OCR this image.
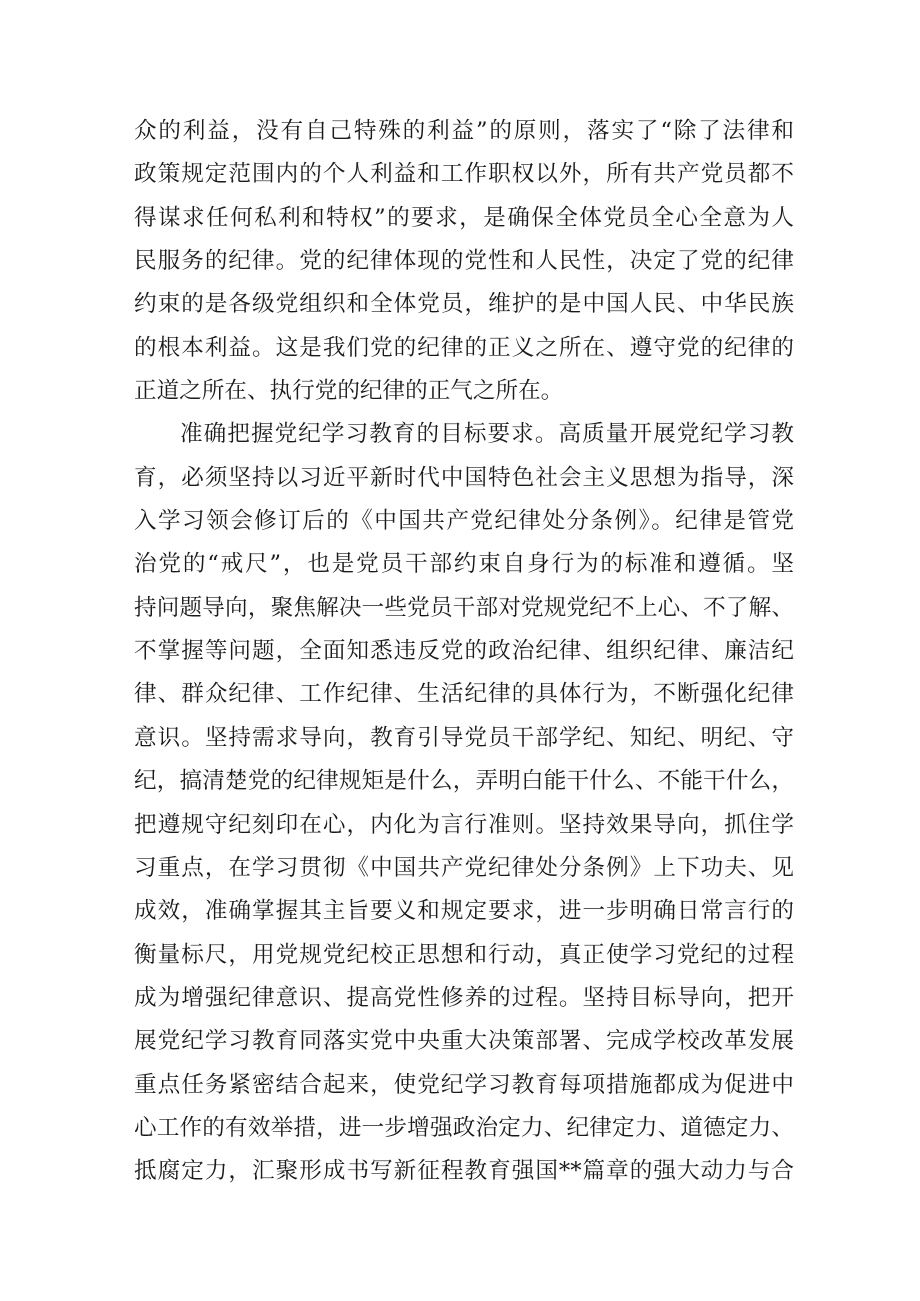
众的利益，没有自己特殊的利益”的原则，落实了“除了法律和
政策规定范围内的个人利益和工作职权以外，所有共产党员都不
得谋求任何私利和特权”的要求，是确保全体党员全心全意为人
民服务的纪律。党的纪律体现的党性和人民性，决定了党的纪律
约束的是各级党组织和全体党员，维护的是中国人民、中华民族
的根本利益。这是我们党的纪律的正义之所在、遵守党的纪律的
正道之所在、执行党的纪律的正气之所在。
准确把握党纪学习教育的目标要求。高质量开展党纪学习教
育，必须坚持以习近平新时代中国特色社会主义思想为指导，深
入学习领会修订后的《中国共产党纪律处分条例》。纪律是管党
治党的“戒尺”，也是党员干部约束自身行为的标准和遵循。坚
持问题导向，聚焦解决一些党员干部对党规党纪不上心、不了解、
不掌握等问题，全面知悉违反党的政治纪律、组织纪律、廉洁纪
律、群众纪律、工作纪律、生活纪律的具体行为，不断强化纪律
意识。坚持需求导向，教育引导党员干部学纪、知纪、明纪、守
纪，搞清楚党的纪律规矩是什么，弄明白能干什么、不能干什么，
把遵规守纪刻印在心，内化为言行准则。坚持效果导向，抓住学
习重点，在学习贯彻《中国共产党纪律处分条例》上下功夫、见
成效，准确掌握其主旨要义和规定要求，进一步明确日常言行的
衡量标尺，用党规党纪校正思想和行动，真正使学习党纪的过程
成为增强纪律意识、提高党性修养的过程。坚持目标导向，把开
展党纪学习教育同落实党中央重大决策部署、完成学校改革发展
重点任务紧密结合起来，使党纪学习教育每项措施都成为促进中
心工作的有效举措，进一步增强政治定力、纪律定力、道德定力、
抵腐定力，汇聚形成书写新征程教育强国**篇章的强大动力与合
